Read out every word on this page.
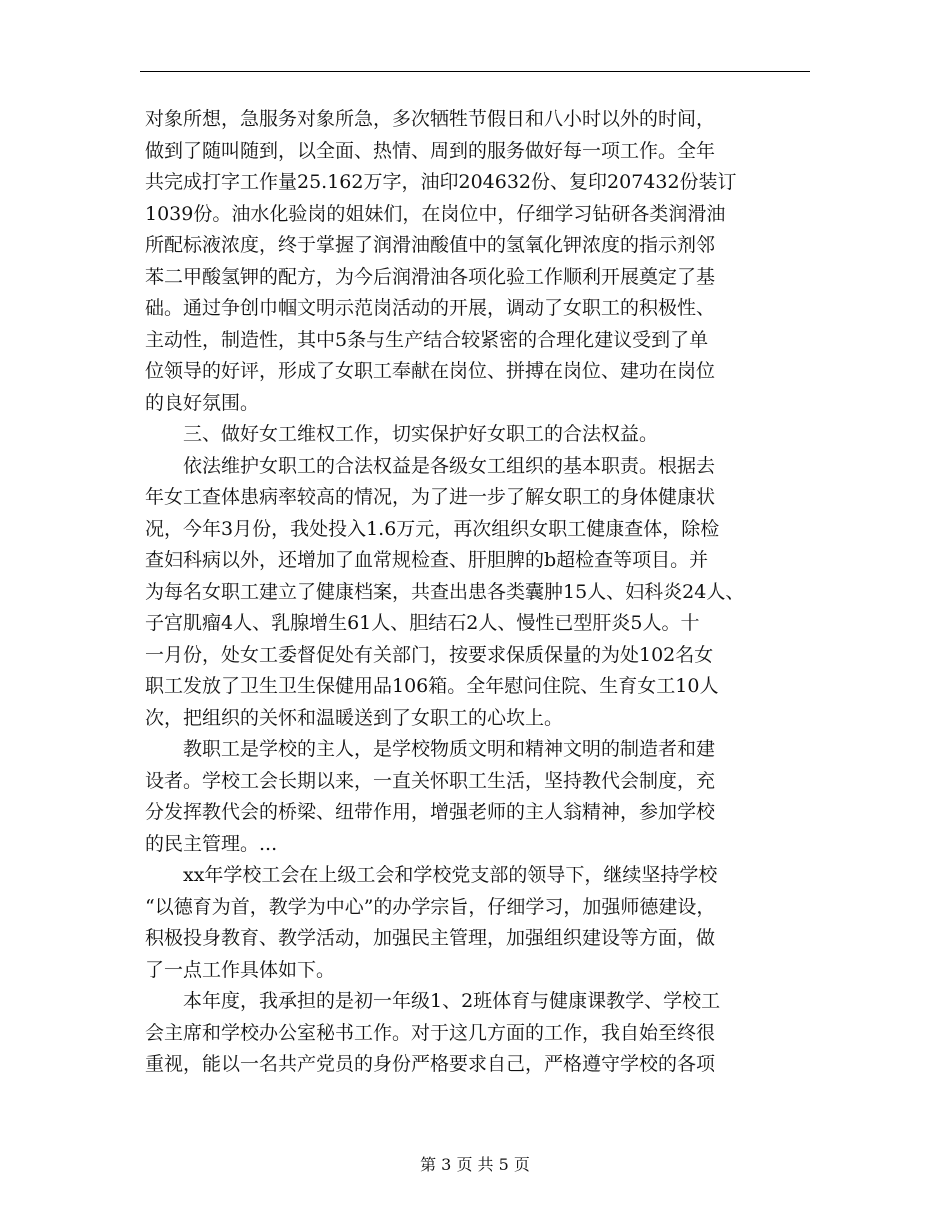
对象所想，急服务对象所急，多次牺牲节假日和八小时以外的时间，
做到了随叫随到，以全面、热情、周到的服务做好每一项工作。全年
共完成打字工作量25.162万字，油印204632份、复印207432份装订
1039份。油水化验岗的姐妹们，在岗位中，仔细学习钻研各类润滑油
所配标液浓度，终于掌握了润滑油酸值中的氢氧化钾浓度的指示剂邻
苯二甲酸氢钾的配方，为今后润滑油各项化验工作顺利开展奠定了基
础。通过争创巾帼文明示范岗活动的开展，调动了女职工的积极性、
主动性，制造性，其中5条与生产结合较紧密的合理化建议受到了单
位领导的好评，形成了女职工奉献在岗位、拼搏在岗位、建功在岗位
的良好氛围。
　　三、做好女工维权工作，切实保护好女职工的合法权益。
　　依法维护女职工的合法权益是各级女工组织的基本职责。根据去
年女工查体患病率较高的情况，为了进一步了解女职工的身体健康状
况，今年3月份，我处投入1.6万元，再次组织女职工健康查体，除检
查妇科病以外，还增加了血常规检查、肝胆脾的b超检查等项目。并
为每名女职工建立了健康档案，共查出患各类囊肿15人、妇科炎24人、
子宫肌瘤4人、乳腺增生61人、胆结石2人、慢性已型肝炎5人。十
一月份，处女工委督促处有关部门，按要求保质保量的为处102名女
职工发放了卫生卫生保健用品106箱。全年慰问住院、生育女工10人
次，把组织的关怀和温暖送到了女职工的心坎上。
　　教职工是学校的主人，是学校物质文明和精神文明的制造者和建
设者。学校工会长期以来，一直关怀职工生活，坚持教代会制度，充
分发挥教代会的桥梁、纽带作用，增强老师的主人翁精神，参加学校
的民主管理。...
　　xx年学校工会在上级工会和学校党支部的领导下，继续坚持学校
“以德育为首，教学为中心”的办学宗旨，仔细学习，加强师德建设，
积极投身教育、教学活动，加强民主管理，加强组织建设等方面，做
了一点工作具体如下。
　　本年度，我承担的是初一年级1、2班体育与健康课教学、学校工
会主席和学校办公室秘书工作。对于这几方面的工作，我自始至终很
重视，能以一名共产党员的身份严格要求自己，严格遵守学校的各项
第 3 页 共 5 页
